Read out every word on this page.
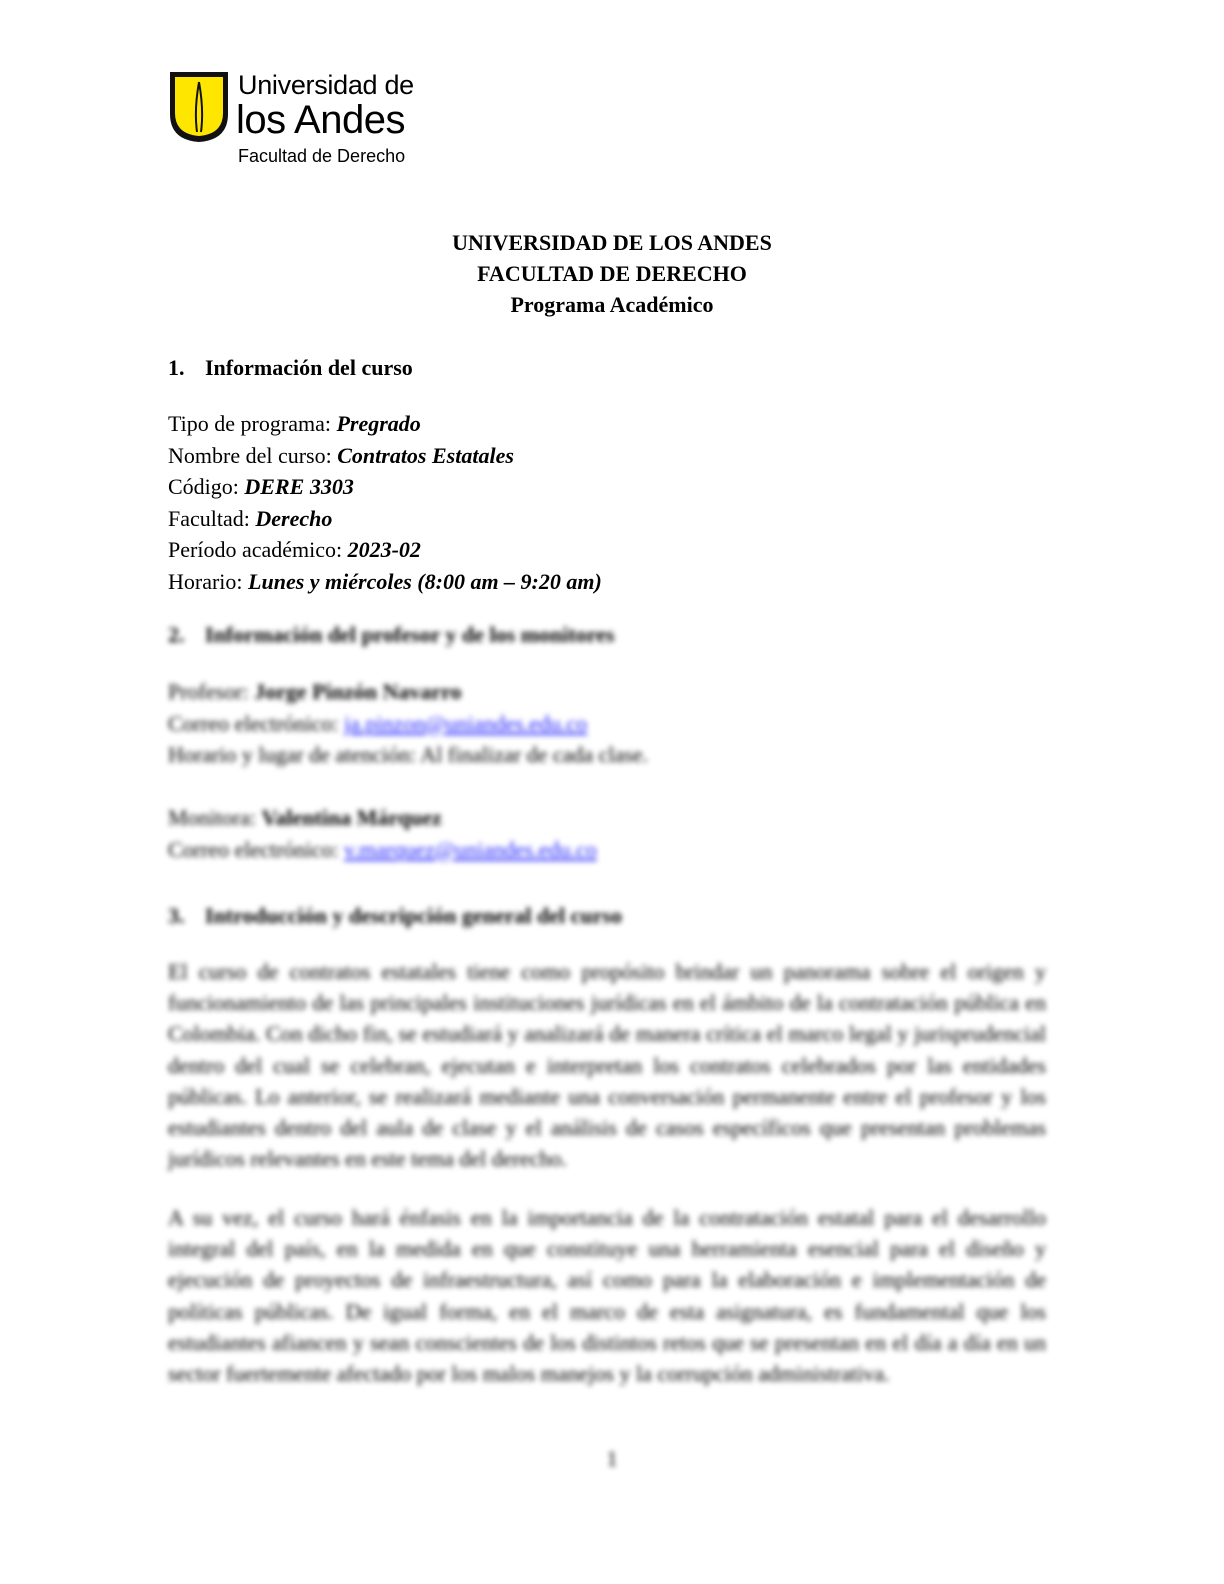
Universidad de
los Andes
Facultad de Derecho
UNIVERSIDAD DE LOS ANDES
FACULTAD DE DERECHO
Programa Académico
1. Información del curso
Tipo de programa: Pregrado
Nombre del curso: Contratos Estatales
Código: DERE 3303
Facultad: Derecho
Período académico: 2023-02
Horario: Lunes y miércoles (8:00 am – 9:20 am)
2. Información del profesor y de los monitores
Profesor: Jorge Pinzón Navarro
Correo electrónico: ja.pinzon@uniandes.edu.co
Horario y lugar de atención: Al finalizar de cada clase.
Monitora: Valentina Márquez
Correo electrónico: v.marquez@uniandes.edu.co
3. Introducción y descripción general del curso
El curso de contratos estatales tiene como propósito brindar un panorama sobre el origen y funcionamiento de las principales instituciones jurídicas en el ámbito de la contratación pública en Colombia. Con dicho fin, se estudiará y analizará de manera crítica el marco legal y jurisprudencial dentro del cual se celebran, ejecutan e interpretan los contratos celebrados por las entidades públicas. Lo anterior, se realizará mediante una conversación permanente entre el profesor y los estudiantes dentro del aula de clase y el análisis de casos específicos que presentan problemas jurídicos relevantes en este tema del derecho.
A su vez, el curso hará énfasis en la importancia de la contratación estatal para el desarrollo integral del país, en la medida en que constituye una herramienta esencial para el diseño y ejecución de proyectos de infraestructura, así como para la elaboración e implementación de políticas públicas. De igual forma, en el marco de esta asignatura, es fundamental que los estudiantes afiancen y sean conscientes de los distintos retos que se presentan en el día a día en un sector fuertemente afectado por los malos manejos y la corrupción administrativa.
1
